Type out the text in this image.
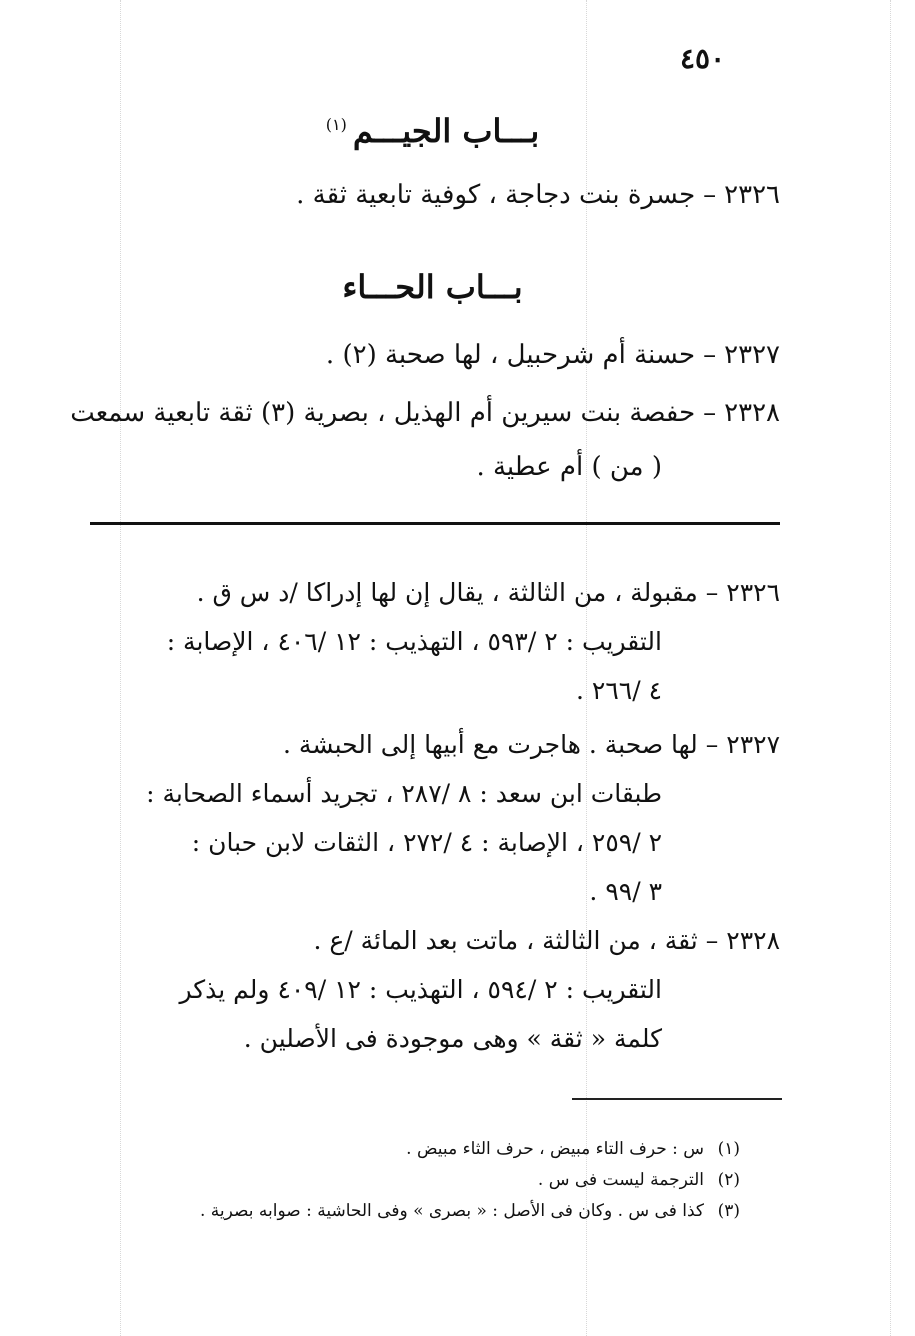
٤٥٠
بـــاب الجيـــم$^{(١)}$
٢٣٢٦–جسرة بنت دجاجة ، كوفية تابعية ثقة .
بـــاب الحـــاء
٢٣٢٧–حسنة أم شرحبيل ، لها صحبة (٢) .
٢٣٢٨–حفصة بنت سيرين أم الهذيل ، بصرية (٣) ثقة تابعية سمعت
( من ) أم عطية .
٢٣٢٦–مقبولة ، من الثالثة ، يقال إن لها إدراكا /د س ق .
التقريب : ٢ /٥٩٣ ، التهذيب : ١٢ /٤٠٦ ، الإصابة :
٤ /٢٦٦ .
٢٣٢٧–لها صحبة . هاجرت مع أبيها إلى الحبشة .
طبقات ابن سعد : ٨ /٢٨٧ ، تجريد أسماء الصحابة :
٢ /٢٥٩ ، الإصابة : ٤ /٢٧٢ ، الثقات لابن حبان :
٣ /٩٩ .
٢٣٢٨–ثقة ، من الثالثة ، ماتت بعد المائة /ع .
التقريب : ٢ /٥٩٤ ، التهذيب : ١٢ /٤٠٩ ولم يذكر
كلمة « ثقة » وهى موجودة فى الأصلين .
(١)س : حرف التاء مبيض ، حرف الثاء مبيض .
(٢)الترجمة ليست فى س .
(٣)كذا فى س . وكان فى الأصل : « بصرى » وفى الحاشية : صوابه بصرية .
